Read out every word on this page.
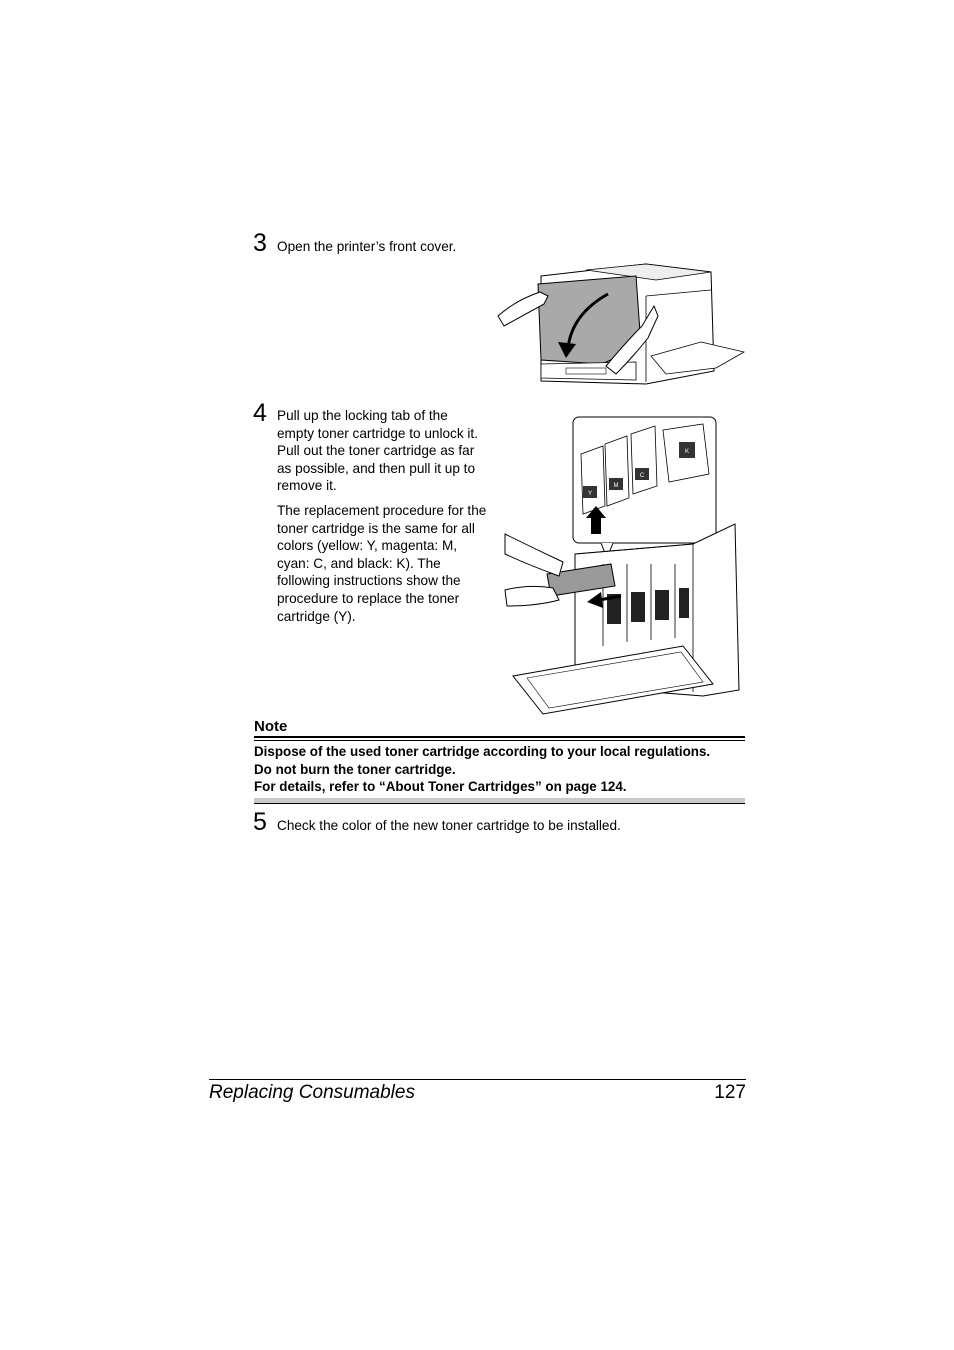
3 Open the printer’s front cover.
4 Pull up the locking tab of the empty toner cartridge to unlock it. Pull out the toner cartridge as far as possible, and then pull it up to remove it.

The replacement procedure for the toner cartridge is the same for all colors (yellow: Y, magenta: M, cyan: C, and black: K). The following instructions show the procedure to replace the toner cartridge (Y).

Y
M
C
K
Note
Dispose of the used toner cartridge according to your local regulations.
Do not burn the toner cartridge.
For details, refer to “About Toner Cartridges” on page 124.
5 Check the color of the new toner cartridge to be installed.
Replacing Consumables	127
